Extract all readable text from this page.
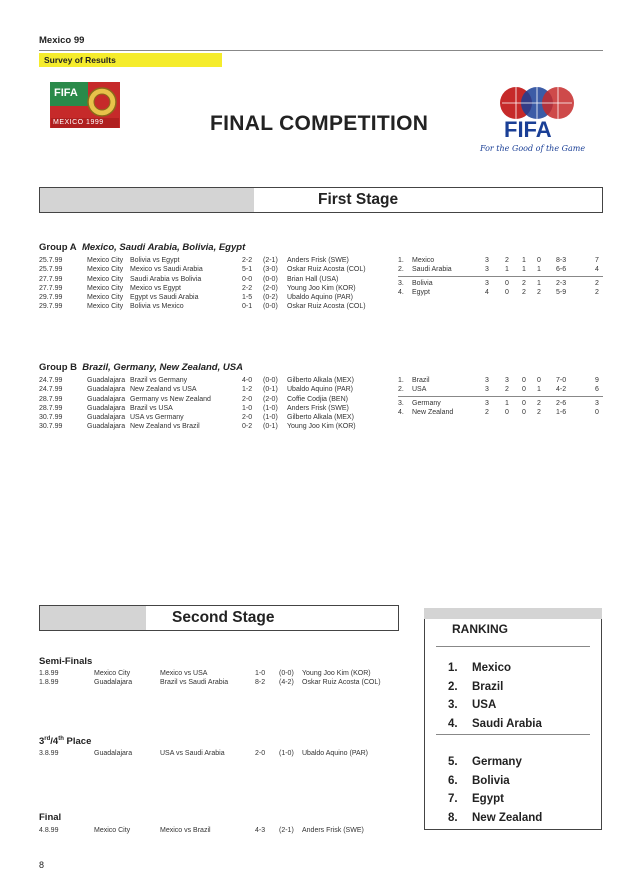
Mexico 99
Survey of Results
FIFA
MEXICO 1999	FINAL COMPETITION	FIFA
For the Good of the Game
First Stage
Group A Mexico, Saudi Arabia, Bolivia, Egypt
25.7.99	Mexico City Bolivia vs Egypt	2-2 (2-1) Anders Frisk (SWE)
25.7.99	Mexico City Mexico vs Saudi Arabia	5-1 (3-0) Oskar Ruiz Acosta (COL)
27.7.99	Mexico City Saudi Arabia vs Bolivia	0-0 (0-0) Brian Hall (USA)
27.7.99	Mexico City Mexico vs Egypt	2-2 (2-0) Young Joo Kim (KOR)
29.7.99	Mexico City Egypt vs Saudi Arabia	1-5 (0-2) Ubaldo Aquino (PAR)
29.7.99	Mexico City Bolivia vs Mexico	0-1 (0-0) Oskar Ruiz Acosta (COL)
1. Mexico	3 2 1 0 8-3	7
2. Saudi Arabia	3 1 1 1 6-6	4
3. Bolivia	3 0 2 1 2-3	2
4. Egypt	4 0 2 2 5-9	2
Group B Brazil, Germany, New Zealand, USA
24.7.99	Guadalajara Brazil vs Germany	4-0 (0-0) Gilberto Alkala (MEX)
24.7.99	Guadalajara New Zealand vs USA	1-2 (0-1) Ubaldo Aquino (PAR)
28.7.99	Guadalajara Germany vs New Zealand	2-0 (2-0) Coffie Codjia (BEN)
28.7.99	Guadalajara Brazil vs USA	1-0 (1-0) Anders Frisk (SWE)
30.7.99	Guadalajara USA vs Germany	2-0 (1-0) Gilberto Alkala (MEX)
30.7.99	Guadalajara New Zealand vs Brazil	0-2 (0-1) Young Joo Kim (KOR)
1. Brazil	3 3 0 0 7-0	9
2. USA	3 2 0 1 4-2	6
3. Germany	3 1 0 2 2-6	3
4. New Zealand	2 0 0 2 1-6	0
Second Stage
Semi-Finals
1.8.99	Mexico City	Mexico vs USA	1-0 (0-0) Young Joo Kim (KOR)
1.8.99	Guadalajara	Brazil vs Saudi Arabia	8-2 (4-2) Oskar Ruiz Acosta (COL)
3rd/4th Place
3.8.99	Guadalajara	USA vs Saudi Arabia	2-0 (1-0) Ubaldo Aquino (PAR)
Final
4.8.99	Mexico City	Mexico vs Brazil	4-3 (2-1) Anders Frisk (SWE)
RANKING
1. Mexico
2. Brazil
3. USA
4. Saudi Arabia
5. Germany
6. Bolivia
7. Egypt
8. New Zealand
8
